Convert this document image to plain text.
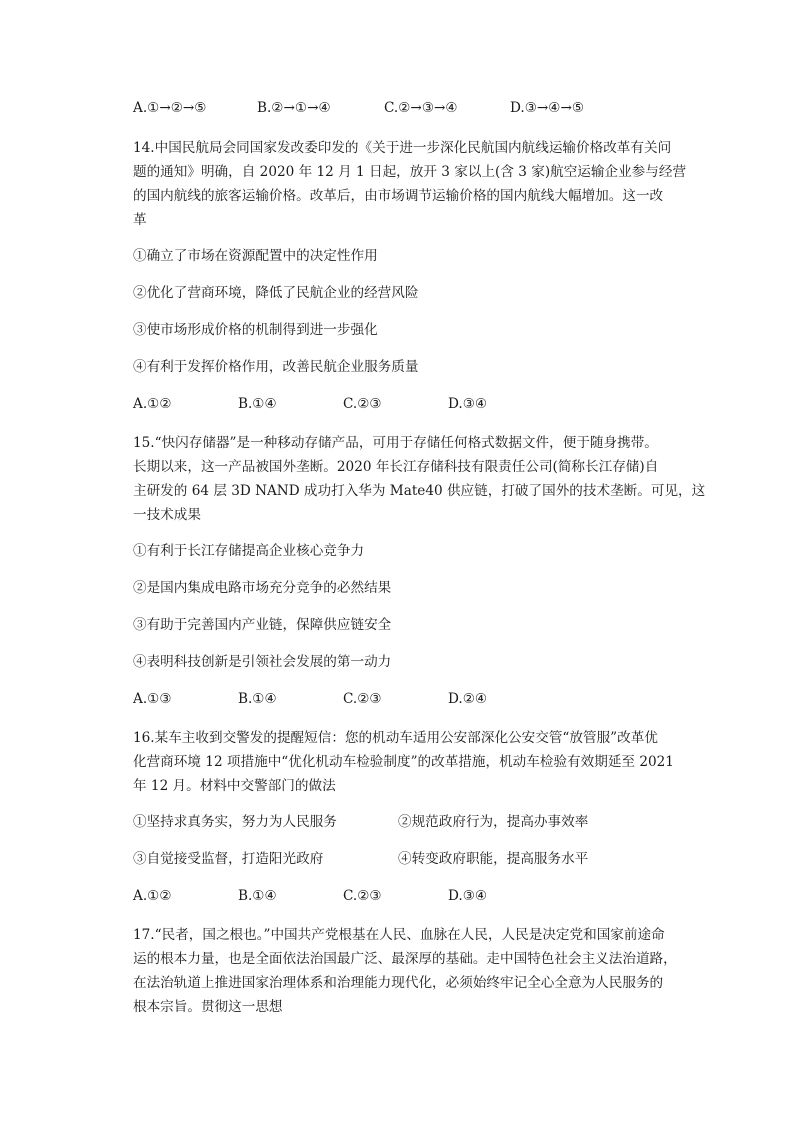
A.①→②→⑤	B.②→①→④	C.②→③→④	D.③→④→⑤
14.中国民航局会同国家发改委印发的《关于进一步深化民航国内航线运输价格改革有关问
题的通知》明确，自 2020 年 12 月 1 日起，放开 3 家以上(含 3 家)航空运输企业参与经营
的国内航线的旅客运输价格。改革后，由市场调节运输价格的国内航线大幅增加。这一改
革
①确立了市场在资源配置中的决定性作用
②优化了营商环境，降低了民航企业的经营风险
③使市场形成价格的机制得到进一步强化
④有利于发挥价格作用，改善民航企业服务质量
A.①②	B.①④	C.②③	D.③④
15.“快闪存储器”是一种移动存储产品，可用于存储任何格式数据文件，便于随身携带。
长期以来，这一产品被国外垄断。2020 年长江存储科技有限责任公司(简称长江存储)自
主研发的 64 层 3D NAND 成功打入华为 Mate40 供应链，打破了国外的技术垄断。可见，这
一技术成果
①有利于长江存储提高企业核心竞争力
②是国内集成电路市场充分竞争的必然结果
③有助于完善国内产业链，保障供应链安全
④表明科技创新是引领社会发展的第一动力
A.①③	B.①④	C.②③	D.②④
16.某车主收到交警发的提醒短信：您的机动车适用公安部深化公安交管“放管服”改革优
化营商环境 12 项措施中“优化机动车检验制度”的改革措施，机动车检验有效期延至 2021
年 12 月。材料中交警部门的做法
①坚持求真务实，努力为人民服务	②规范政府行为，提高办事效率
③自觉接受监督，打造阳光政府	④转变政府职能，提高服务水平
A.①②	B.①④	C.②③	D.③④
17.“民者，国之根也。”中国共产党根基在人民、血脉在人民，人民是决定党和国家前途命
运的根本力量，也是全面依法治国最广泛、最深厚的基础。走中国特色社会主义法治道路，
在法治轨道上推进国家治理体系和治理能力现代化，必须始终牢记全心全意为人民服务的
根本宗旨。贯彻这一思想
